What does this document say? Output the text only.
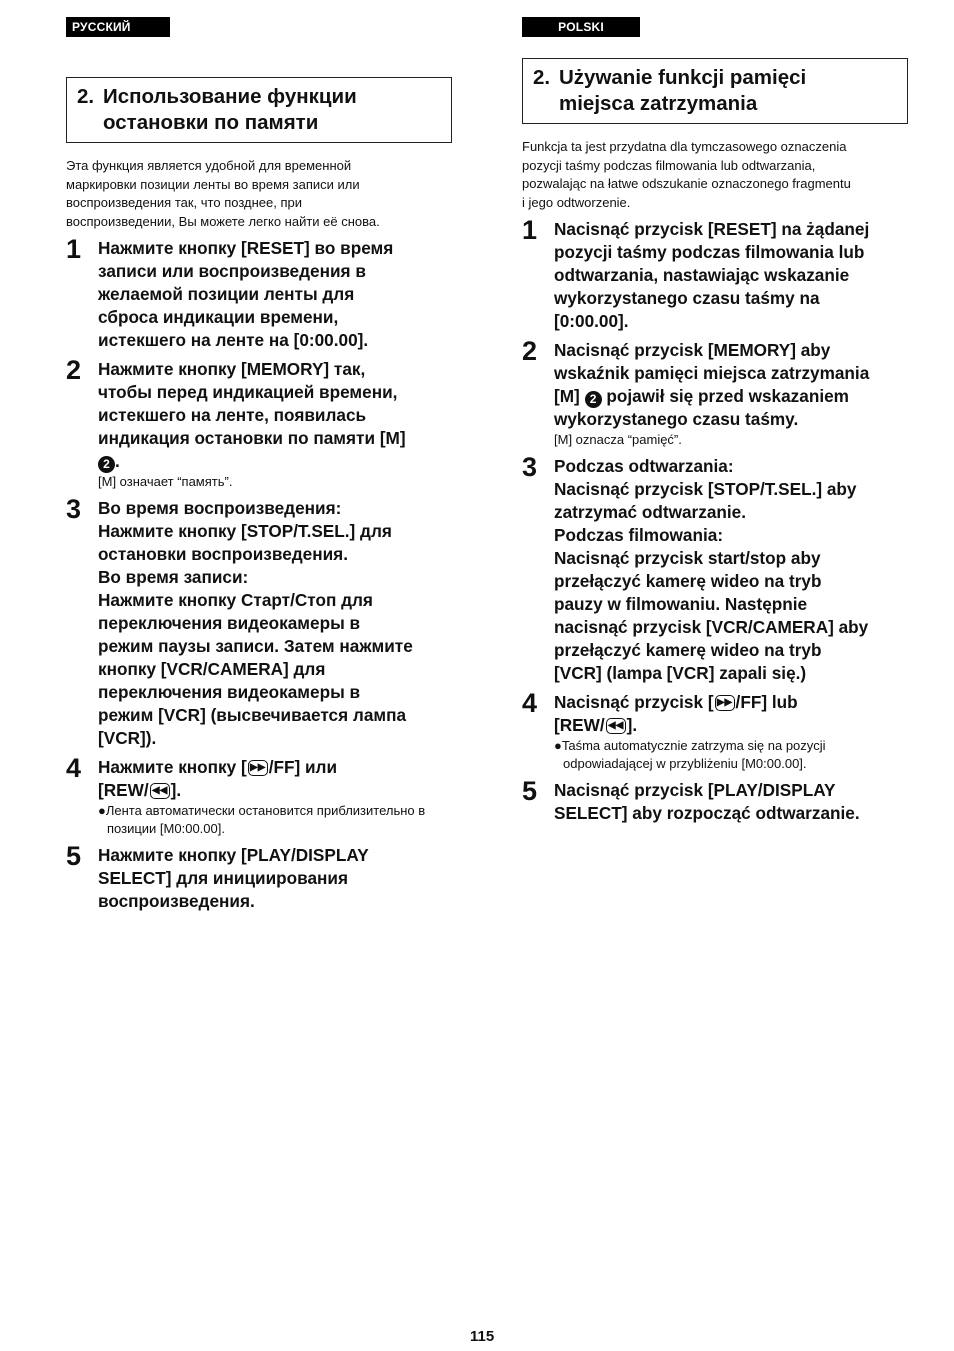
РУССКИЙ ЯЗЫК
2. Использование функции
остановки по памяти
Эта функция является удобной для временной
маркировки позиции ленты во время записи или
воспроизведения так, что позднее, при
воспроизведении, Вы можете легко найти её снова.
1 Нажмите кнопку [RESET] во время
записи или воспроизведения в
желаемой позиции ленты для
сброса индикации времени,
истекшего на ленте на [0:00.00].
2 Нажмите кнопку [MEMORY] так,
чтобы перед индикацией времени,
истекшего на ленте, появилась
индикация остановки по памяти [M]
2 .
[M] означает “память”.
3 Во время воспроизведения:
Нажмите кнопку [STOP/T.SEL.] для
остановки воспроизведения.
Во время записи:
Нажмите кнопку Старт/Стоп для
переключения видеокамеры в
режим паузы записи. Затем нажмите
кнопку [VCR/CAMERA] для
переключения видеокамеры в
режим [VCR] (высвечивается лампа
[VCR]).
4 Нажмите кнопку [ ▶▶ /FF] или
[REW/ ◀◀ ].
●Лента автоматически остановится приблизительно в позиции [M0:00.00].
5 Нажмите кнопку [PLAY/DISPLAY
SELECT] для инициирования
воспроизведения.
POLSKI
2. Używanie funkcji pamięci
miejsca zatrzymania
Funkcja ta jest przydatna dla tymczasowego oznaczenia
pozycji taśmy podczas filmowania lub odtwarzania,
pozwalając na łatwe odszukanie oznaczonego fragmentu
i jego odtworzenie.
1 Nacisnąć przycisk [RESET] na żądanej
pozycji taśmy podczas filmowania lub
odtwarzania, nastawiając wskazanie
wykorzystanego czasu taśmy na
[0:00.00].
2 Nacisnąć przycisk [MEMORY] aby
wskaźnik pamięci miejsca zatrzymania
[M] 2 pojawił się przed wskazaniem
wykorzystanego czasu taśmy.
[M] oznacza “pamięć”.
3 Podczas odtwarzania:
Nacisnąć przycisk [STOP/T.SEL.] aby
zatrzymać odtwarzanie.
Podczas filmowania:
Nacisnąć przycisk start/stop aby
przełączyć kamerę wideo na tryb
pauzy w filmowaniu. Następnie
nacisnąć przycisk [VCR/CAMERA] aby
przełączyć kamerę wideo na tryb
[VCR] (lampa [VCR] zapali się.)
4 Nacisnąć przycisk [ ▶▶ /FF] lub
[REW/ ◀◀ ].
●Taśma automatycznie zatrzyma się na pozycji odpowiadającej w przybliżeniu [M0:00.00].
5 Nacisnąć przycisk [PLAY/DISPLAY
SELECT] aby rozpocząć odtwarzanie.
115
